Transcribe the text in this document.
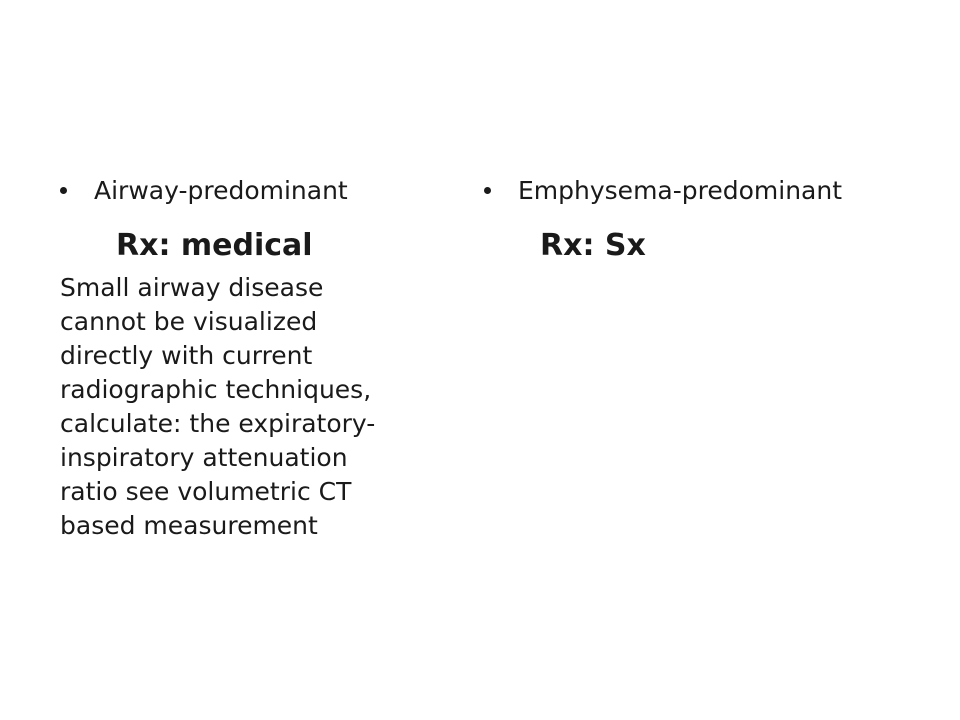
Airway-predominant
Rx: medical
Small airway disease
cannot be visualized
directly with current
radiographic techniques,
calculate: the expiratory-
inspiratory attenuation
ratio see volumetric CT
based measurement
Emphysema-predominant
Rx: Sx
